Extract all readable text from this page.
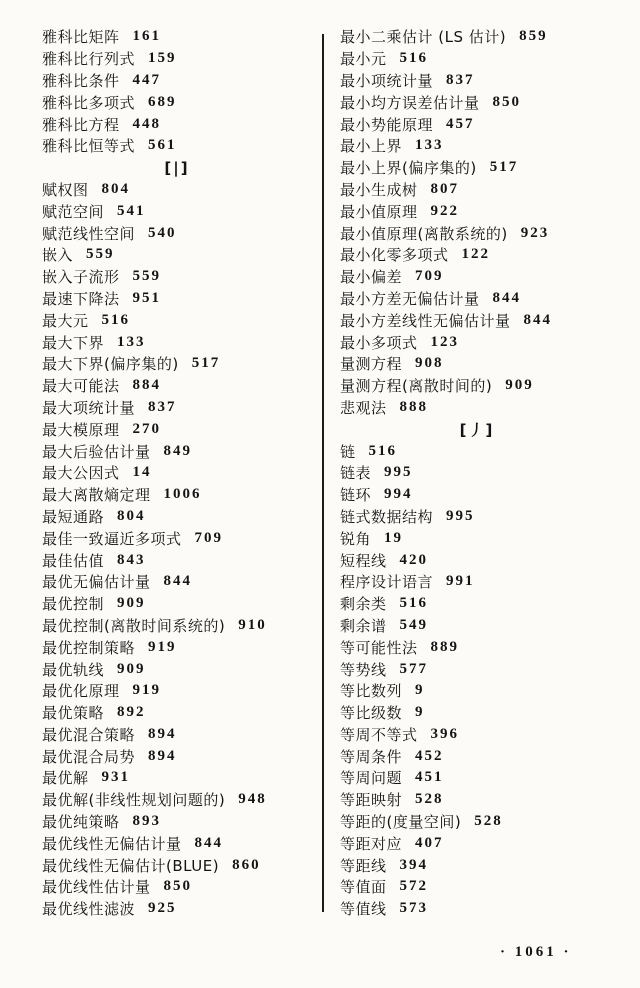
雅科比矩阵 161
雅科比行列式 159
雅科比条件 447
雅科比多项式 689
雅科比方程 448
雅科比恒等式 561
[|]
赋权图 804
赋范空间 541
赋范线性空间 540
嵌入 559
嵌入子流形 559
最速下降法 951
最大元 516
最大下界 133
最大下界(偏序集的) 517
最大可能法 884
最大项统计量 837
最大模原理 270
最大后验估计量 849
最大公因式 14
最大离散熵定理 1006
最短通路 804
最佳一致逼近多项式 709
最佳估值 843
最优无偏估计量 844
最优控制 909
最优控制(离散时间系统的) 910
最优控制策略 919
最优轨线 909
最优化原理 919
最优策略 892
最优混合策略 894
最优混合局势 894
最优解 931
最优解(非线性规划问题的) 948
最优纯策略 893
最优线性无偏估计量 844
最优线性无偏估计(BLUE) 860
最优线性估计量 850
最优线性滤波 925
最小二乘估计 (LS 估计) 859
最小元 516
最小项统计量 837
最小均方误差估计量 850
最小势能原理 457
最小上界 133
最小上界(偏序集的) 517
最小生成树 807
最小值原理 922
最小值原理(离散系统的) 923
最小化零多项式 122
最小偏差 709
最小方差无偏估计量 844
最小方差线性无偏估计量 844
最小多项式 123
量测方程 908
量测方程(离散时间的) 909
悲观法 888
[丿]
链 516
链表 995
链环 994
链式数据结构 995
锐角 19
短程线 420
程序设计语言 991
剩余类 516
剩余谱 549
等可能性法 889
等势线 577
等比数列 9
等比级数 9
等周不等式 396
等周条件 452
等周问题 451
等距映射 528
等距的(度量空间) 528
等距对应 407
等距线 394
等值面 572
等值线 573
· 1061 ·
